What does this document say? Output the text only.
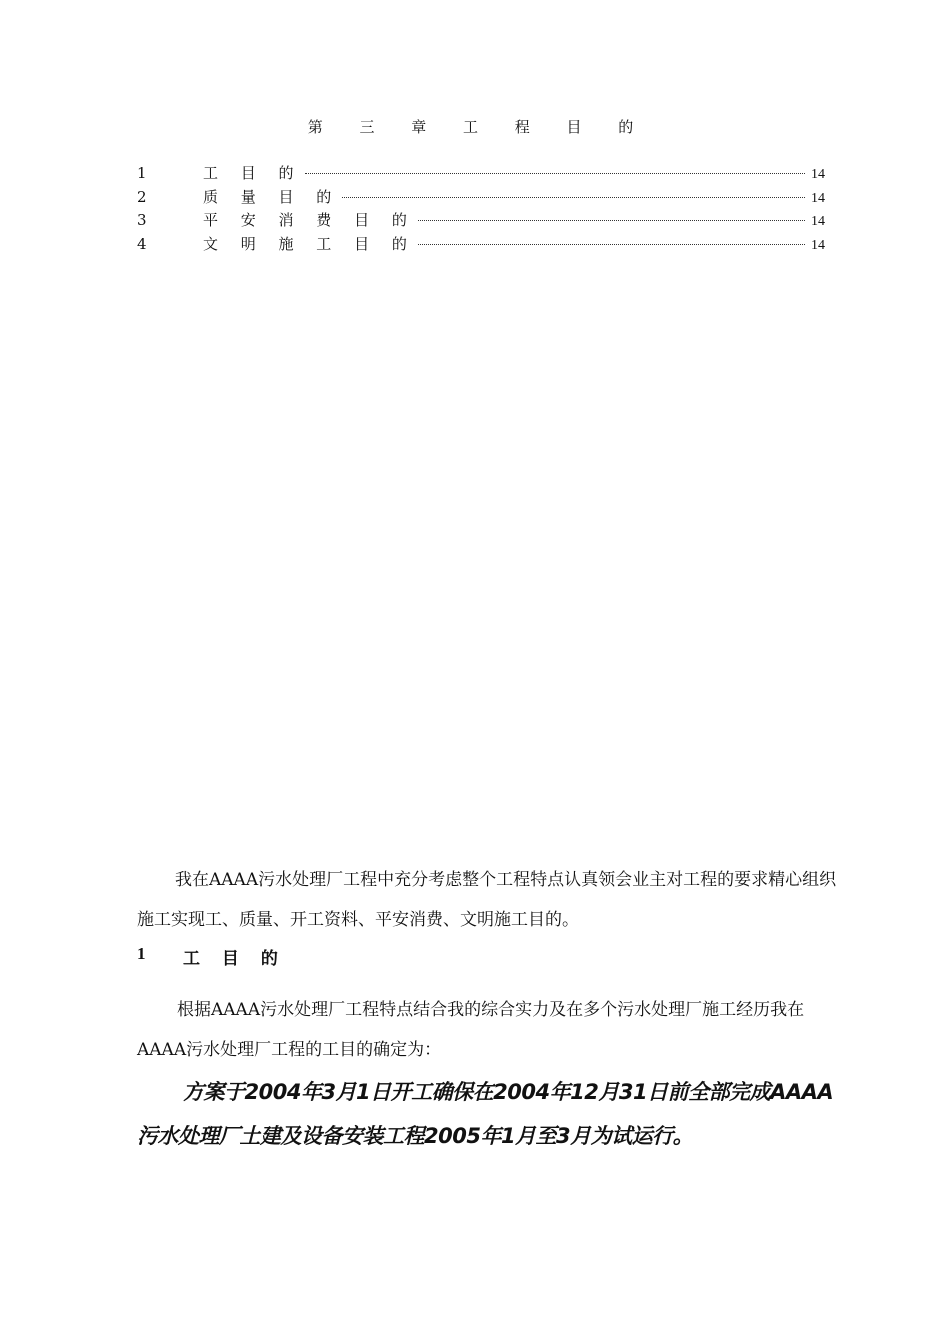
第 三 章 工 程 目 的
1	工 目 的	14
2	质 量 目 的	14
3	平 安 消 费 目 的	14
4	文 明 施 工 目 的	14

我在AAAA污水处理厂工程中充分考虑整个工程特点认真领会业主对工程的要求精心组织施工实现工、质量、开工资料、平安消费、文明施工目的。

1	工 目 的

根据AAAA污水处理厂工程特点结合我的综合实力及在多个污水处理厂施工经历我在AAAA污水处理厂工程的工目的确定为：

方案于2004年3月1日开工确保在2004年12月31日前全部完成AAAA污水处理厂土建及设备安装工程2005年1月至3月为试运行。
